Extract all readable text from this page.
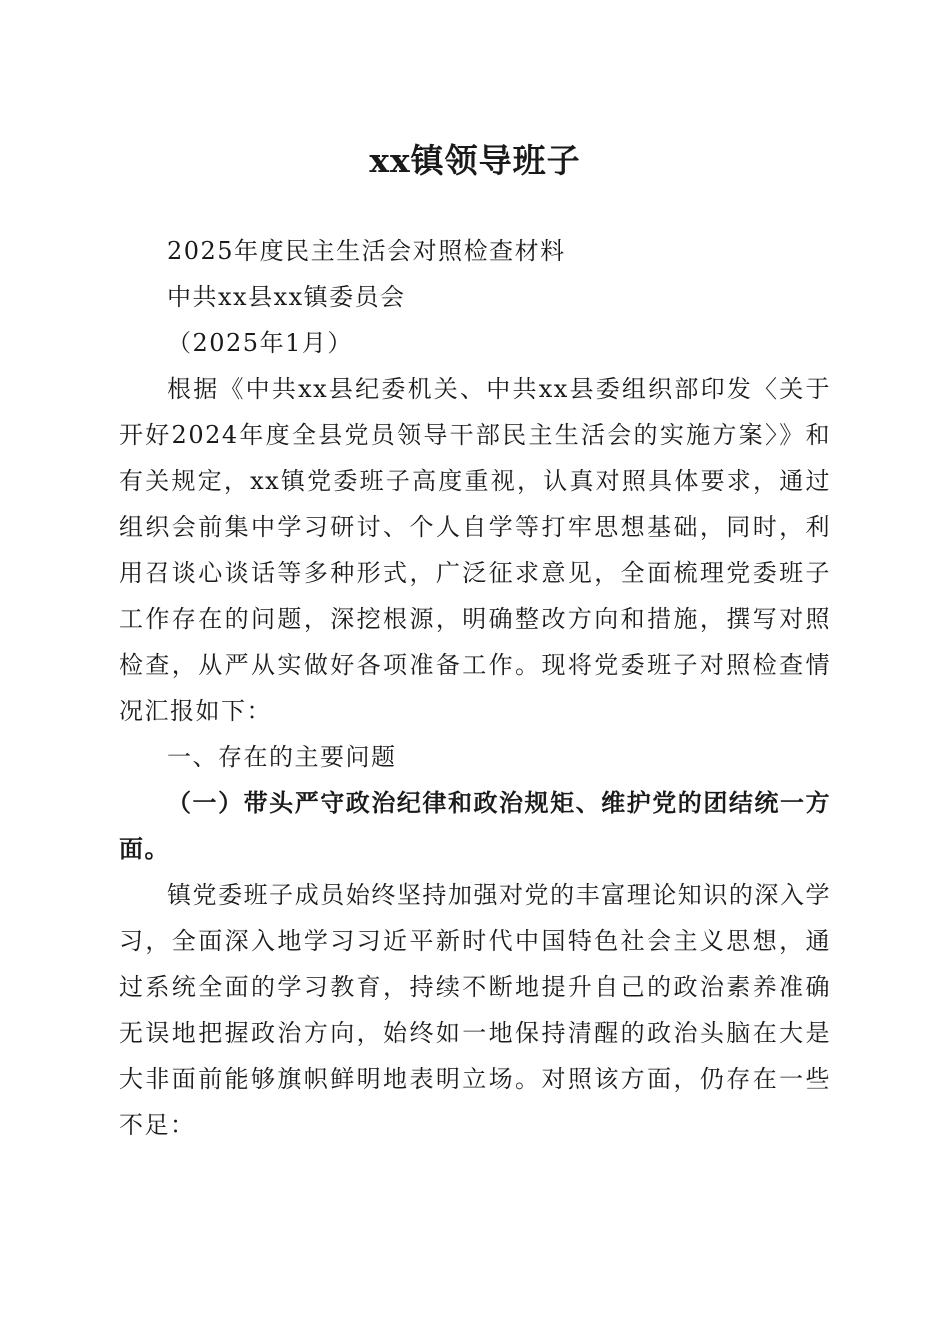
xx镇领导班子

2025年度民主生活会对照检查材料

中共xx县xx镇委员会

（2025年1月）

根据《中共xx县纪委机关、中共xx县委组织部印发〈关于开好2024年度全县党员领导干部民主生活会的实施方案〉》和有关规定，xx镇党委班子高度重视，认真对照具体要求，通过组织会前集中学习研讨、个人自学等打牢思想基础，同时，利用召谈心谈话等多种形式，广泛征求意见，全面梳理党委班子工作存在的问题，深挖根源，明确整改方向和措施，撰写对照检查，从严从实做好各项准备工作。现将党委班子对照检查情况汇报如下：

一、存在的主要问题

（一）带头严守政治纪律和政治规矩、维护党的团结统一方面。

镇党委班子成员始终坚持加强对党的丰富理论知识的深入学习，全面深入地学习习近平新时代中国特色社会主义思想，通过系统全面的学习教育，持续不断地提升自己的政治素养准确无误地把握政治方向，始终如一地保持清醒的政治头脑在大是大非面前能够旗帜鲜明地表明立场。对照该方面，仍存在一些不足：
